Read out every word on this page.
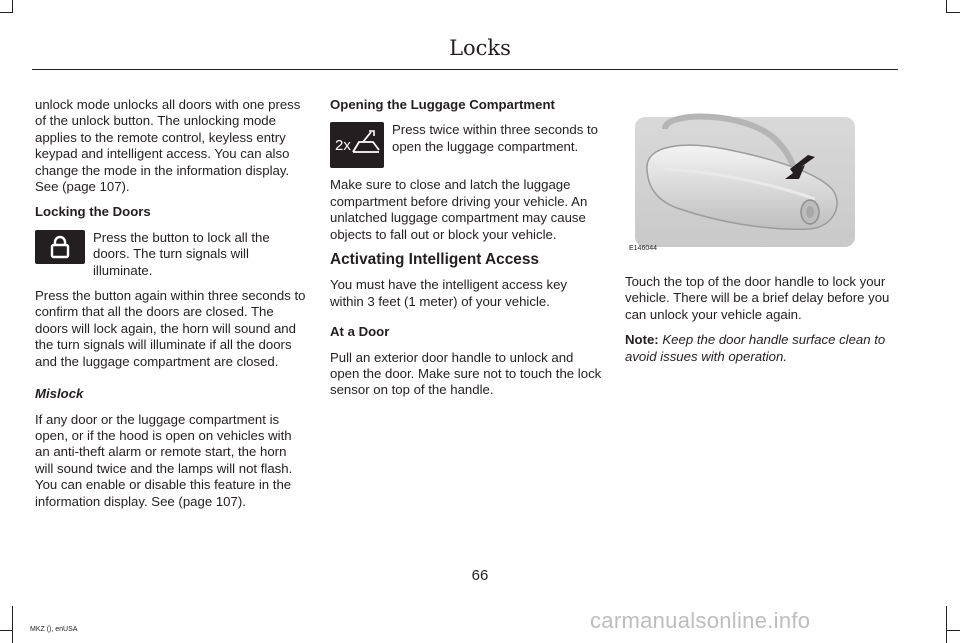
Locks

unlock mode unlocks all doors with one press of the unlock button. The unlocking mode applies to the remote control, keyless entry keypad and intelligent access. You can also change the mode in the information display. See (page 107).

Locking the Doors

Press the button to lock all the doors. The turn signals will illuminate.

Press the button again within three seconds to confirm that all the doors are closed. The doors will lock again, the horn will sound and the turn signals will illuminate if all the doors and the luggage compartment are closed.

Mislock

If any door or the luggage compartment is open, or if the hood is open on vehicles with an anti-theft alarm or remote start, the horn will sound twice and the lamps will not flash. You can enable or disable this feature in the information display. See (page 107).

Opening the Luggage Compartment

2x
Press twice within three seconds to open the luggage compartment.

Make sure to close and latch the luggage compartment before driving your vehicle. An unlatched luggage compartment may cause objects to fall out or block your vehicle.

Activating Intelligent Access

You must have the intelligent access key within 3 feet (1 meter) of your vehicle.

At a Door

Pull an exterior door handle to unlock and open the door. Make sure not to touch the lock sensor on top of the handle.

E146044

Touch the top of the door handle to lock your vehicle. There will be a brief delay before you can unlock your vehicle again.

Note: Keep the door handle surface clean to avoid issues with operation.

66
MKZ (), enUSA	carmanualsonline.info
